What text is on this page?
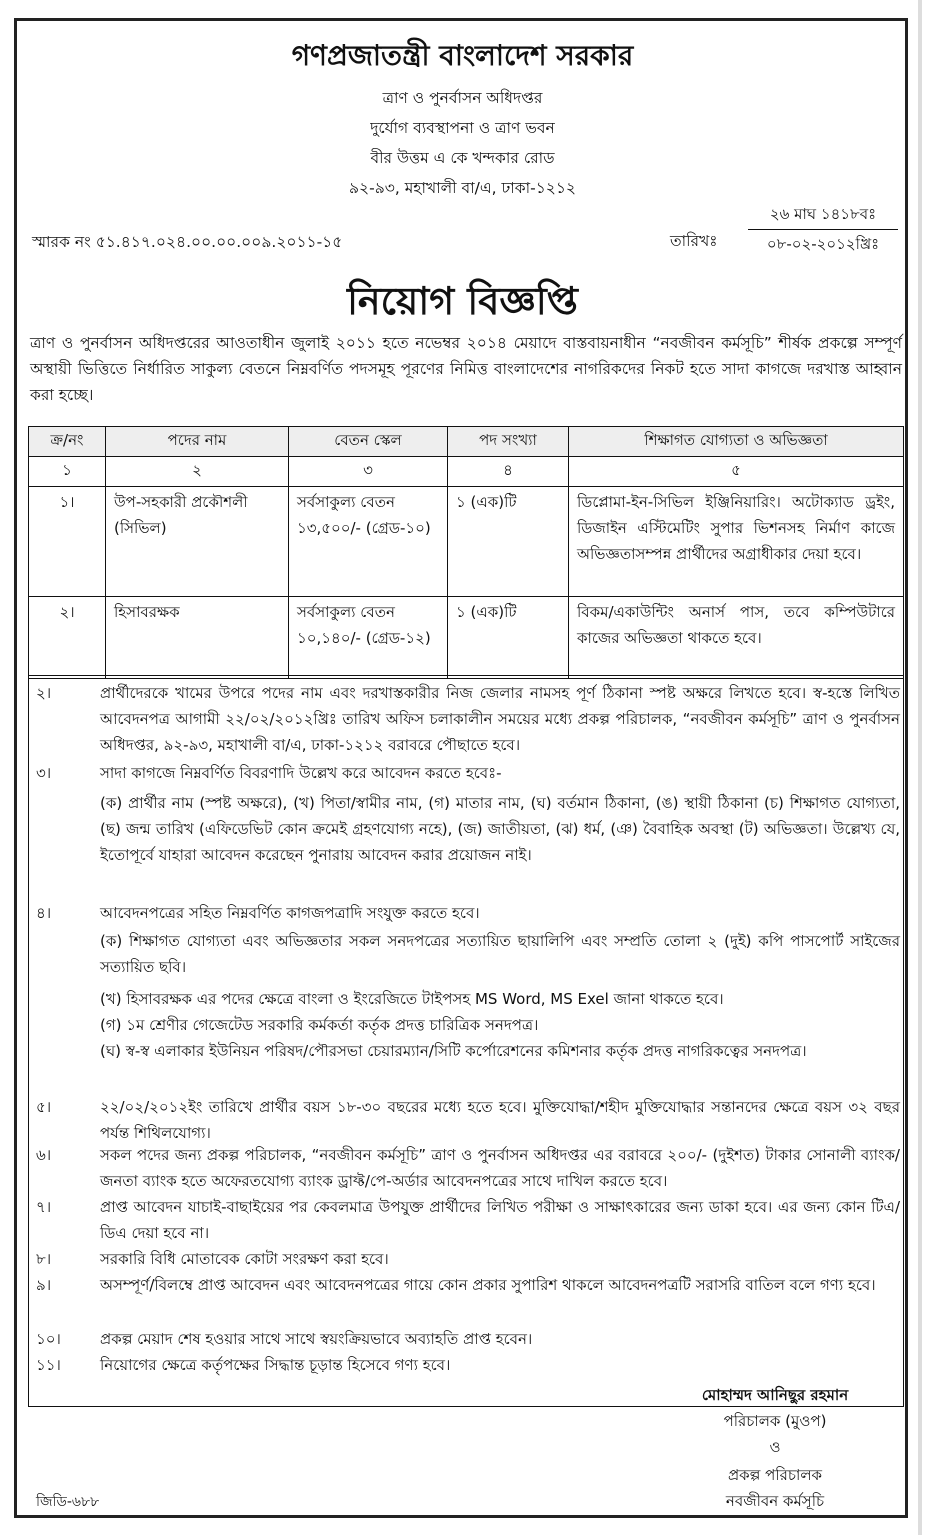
গণপ্রজাতন্ত্রী বাংলাদেশ সরকার
ত্রাণ ও পুনর্বাসন অধিদপ্তর
দুর্যোগ ব্যবস্থাপনা ও ত্রাণ ভবন
বীর উত্তম এ কে খন্দকার রোড
৯২-৯৩, মহাখালী বা/এ, ঢাকা-১২১২
স্মারক নং ৫১.৪১৭.০২৪.০০.০০.০০৯.২০১১-১৫	তারিখঃ
২৬ মাঘ ১৪১৮বঃ
০৮-০২-২০১২খ্রিঃ
নিয়োগ বিজ্ঞপ্তি
ত্রাণ ও পুনর্বাসন অধিদপ্তরের আওতাধীন জুলাই ২০১১ হতে নভেম্বর ২০১৪ মেয়াদে বাস্তবায়নাধীন “নবজীবন কর্মসূচি” শীর্ষক প্রকল্পে সম্পূর্ণ অস্থায়ী ভিত্তিতে নির্ধারিত সাকুল্য বেতনে নিম্নবর্ণিত পদসমূহ পূরণের নিমিত্ত বাংলাদেশের নাগরিকদের নিকট হতে সাদা কাগজে দরখাস্ত আহ্বান করা হচ্ছে।
ক্র/নং	পদের নাম	বেতন স্কেল	পদ সংখ্যা	শিক্ষাগত যোগ্যতা ও অভিজ্ঞতা
১	২	৩	৪	৫
১।	উপ-সহকারী প্রকৌশলী (সিভিল)	সর্বসাকুল্য বেতন ১৩,৫০০/- (গ্রেড-১০)	১ (এক)টি	ডিপ্লোমা-ইন-সিভিল ইঞ্জিনিয়ারিং। অটোক্যাড ড্রইং, ডিজাইন এস্টিমেটিং সুপার ভিশনসহ নির্মাণ কাজে অভিজ্ঞতাসম্পন্ন প্রার্থীদের অগ্রাধীকার দেয়া হবে।
২।	হিসাবরক্ষক	সর্বসাকুল্য বেতন ১০,১৪০/- (গ্রেড-১২)	১ (এক)টি	বিকম/একাউন্টিং অনার্স পাস, তবে কম্পিউটারে কাজের অভিজ্ঞতা থাকতে হবে।
২।	প্রার্থীদেরকে খামের উপরে পদের নাম এবং দরখাস্তকারীর নিজ জেলার নামসহ পূর্ণ ঠিকানা স্পষ্ট অক্ষরে লিখতে হবে। স্ব-হস্তে লিখিত আবেদনপত্র আগামী ২২/০২/২০১২খ্রিঃ তারিখ অফিস চলাকালীন সময়ের মধ্যে প্রকল্প পরিচালক, “নবজীবন কর্মসূচি” ত্রাণ ও পুনর্বাসন অধিদপ্তর, ৯২-৯৩, মহাখালী বা/এ, ঢাকা-১২১২ বরাবরে পৌছাতে হবে।
৩।	সাদা কাগজে নিম্নবর্ণিত বিবরণাদি উল্লেখ করে আবেদন করতে হবেঃ-
(ক) প্রার্থীর নাম (স্পষ্ট অক্ষরে), (খ) পিতা/স্বামীর নাম, (গ) মাতার নাম, (ঘ) বর্তমান ঠিকানা, (ঙ) স্থায়ী ঠিকানা (চ) শিক্ষাগত যোগ্যতা, (ছ) জন্ম তারিখ (এফিডেভিট কোন ক্রমেই গ্রহণযোগ্য নহে), (জ) জাতীয়তা, (ঝ) ধর্ম, (ঞ) বৈবাহিক অবস্থা (ট) অভিজ্ঞতা। উল্লেখ্য যে, ইতোপূর্বে যাহারা আবেদন করেছেন পুনারায় আবেদন করার প্রয়োজন নাই।
৪।	আবেদনপত্রের সহিত নিম্নবর্ণিত কাগজপত্রাদি সংযুক্ত করতে হবে।
(ক) শিক্ষাগত যোগ্যতা এবং অভিজ্ঞতার সকল সনদপত্রের সত্যায়িত ছায়ালিপি এবং সম্প্রতি তোলা ২ (দুই) কপি পাসপোর্ট সাইজের সত্যায়িত ছবি।
(খ) হিসাবরক্ষক এর পদের ক্ষেত্রে বাংলা ও ইংরেজিতে টাইপসহ MS Word, MS Exel জানা থাকতে হবে।
(গ) ১ম শ্রেণীর গেজেটেড সরকারি কর্মকর্তা কর্তৃক প্রদত্ত চারিত্রিক সনদপত্র।
(ঘ) স্ব-স্ব এলাকার ইউনিয়ন পরিষদ/পৌরসভা চেয়ারম্যান/সিটি কর্পোরেশনের কমিশনার কর্তৃক প্রদত্ত নাগরিকত্বের সনদপত্র।
৫।	২২/০২/২০১২ইং তারিখে প্রার্থীর বয়স ১৮-৩০ বছরের মধ্যে হতে হবে। মুক্তিযোদ্ধা/শহীদ মুক্তিযোদ্ধার সন্তানদের ক্ষেত্রে বয়স ৩২ বছর পর্যন্ত শিথিলযোগ্য।
৬।	সকল পদের জন্য প্রকল্প পরিচালক, “নবজীবন কর্মসূচি” ত্রাণ ও পুনর্বাসন অধিদপ্তর এর বরাবরে ২০০/- (দুইশত) টাকার সোনালী ব্যাংক/জনতা ব্যাংক হতে অফেরতযোগ্য ব্যাংক ড্রাফ্ট/পে-অর্ডার আবেদনপত্রের সাথে দাখিল করতে হবে।
৭।	প্রাপ্ত আবেদন যাচাই-বাছাইয়ের পর কেবলমাত্র উপযুক্ত প্রার্থীদের লিখিত পরীক্ষা ও সাক্ষাৎকারের জন্য ডাকা হবে। এর জন্য কোন টিএ/ডিএ দেয়া হবে না।
৮।	সরকারি বিধি মোতাবেক কোটা সংরক্ষণ করা হবে।
৯।	অসম্পূর্ণ/বিলম্বে প্রাপ্ত আবেদন এবং আবেদনপত্রের গায়ে কোন প্রকার সুপারিশ থাকলে আবেদনপত্রটি সরাসরি বাতিল বলে গণ্য হবে।
১০।	প্রকল্প মেয়াদ শেষ হওয়ার সাথে সাথে স্বয়ংক্রিয়ভাবে অব্যাহতি প্রাপ্ত হবেন।
১১।	নিয়োগের ক্ষেত্রে কর্তৃপক্ষের সিদ্ধান্ত চূড়ান্ত হিসেবে গণ্য হবে।
মোহাম্মদ আনিছুর রহমান
পরিচালক (মুওপ)
ও
প্রকল্প পরিচালক
নবজীবন কর্মসূচি
জিডি-৬৮৮
